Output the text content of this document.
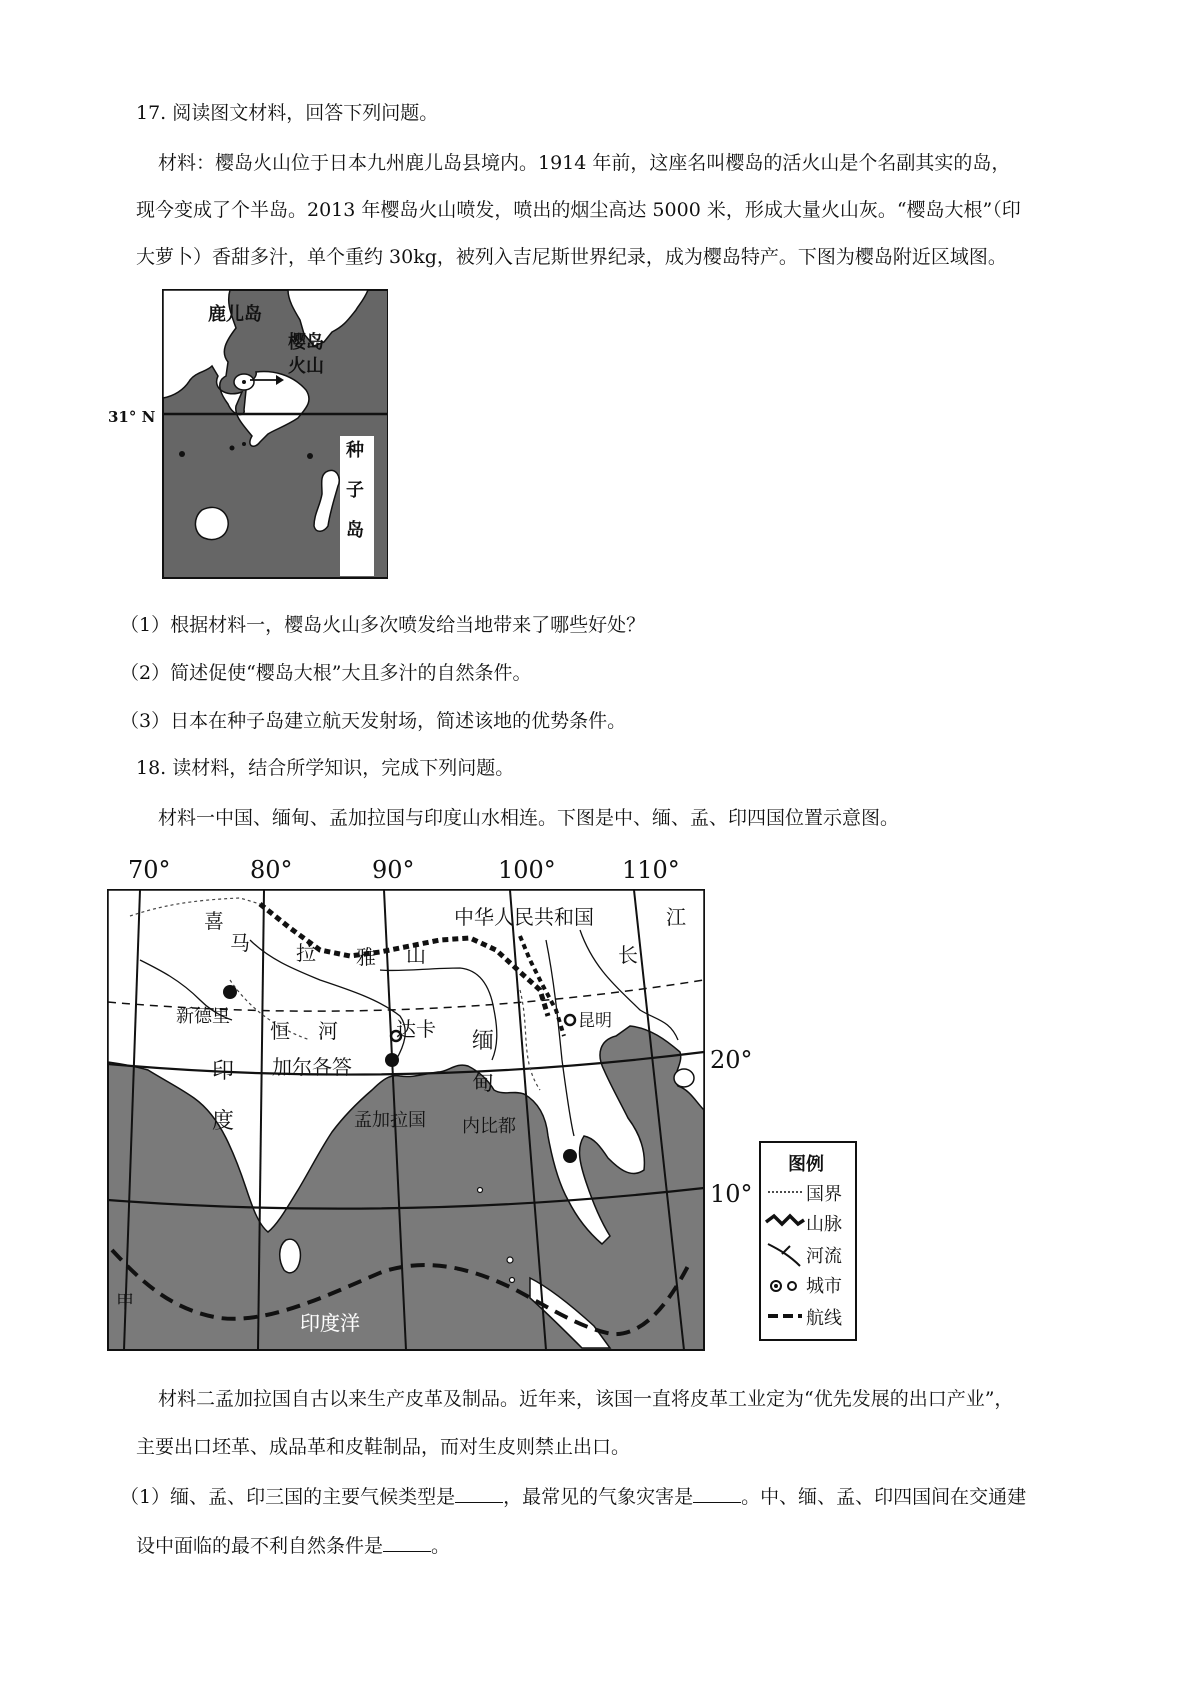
17. 阅读图文材料，回答下列问题。
材料：樱岛火山位于日本九州鹿儿岛县境内。1914 年前，这座名叫樱岛的活火山是个名副其实的岛，
现今变成了个半岛。2013 年樱岛火山喷发，喷出的烟尘高达 5000 米，形成大量火山灰。“樱岛大根”（印
大萝卜）香甜多汁，单个重约 30kg，被列入吉尼斯世界纪录，成为樱岛特产。下图为樱岛附近区域图。
鹿儿岛
樱岛
火山
31° N
种
子
岛
（1）根据材料一，樱岛火山多次喷发给当地带来了哪些好处？
（2）简述促使“樱岛大根”大且多汁的自然条件。
（3）日本在种子岛建立航天发射场，简述该地的优势条件。
18. 读材料，结合所学知识，完成下列问题。
材料一中国、缅甸、孟加拉国与印度山水相连。下图是中、缅、孟、印四国位置示意图。
70°	80°	90°	100°	110°
中华人民共和国
喜
马 拉 雅 山	长
江
新德里	昆明
恒 河	达卡
加尔各答
印
度
缅
甸
孟加拉国 内比都
甲
印度洋
20°
10°
图例
国界
山脉
河流
城市
航线
材料二孟加拉国自古以来生产皮革及制品。近年来，该国一直将皮革工业定为“优先发展的出口产业”，
主要出口坯革、成品革和皮鞋制品，而对生皮则禁止出口。
（1）缅、孟、印三国的主要气候类型是	，最常见的气象灾害是	。中、缅、孟、印四国间在交通建
设中面临的最不利自然条件是	。
